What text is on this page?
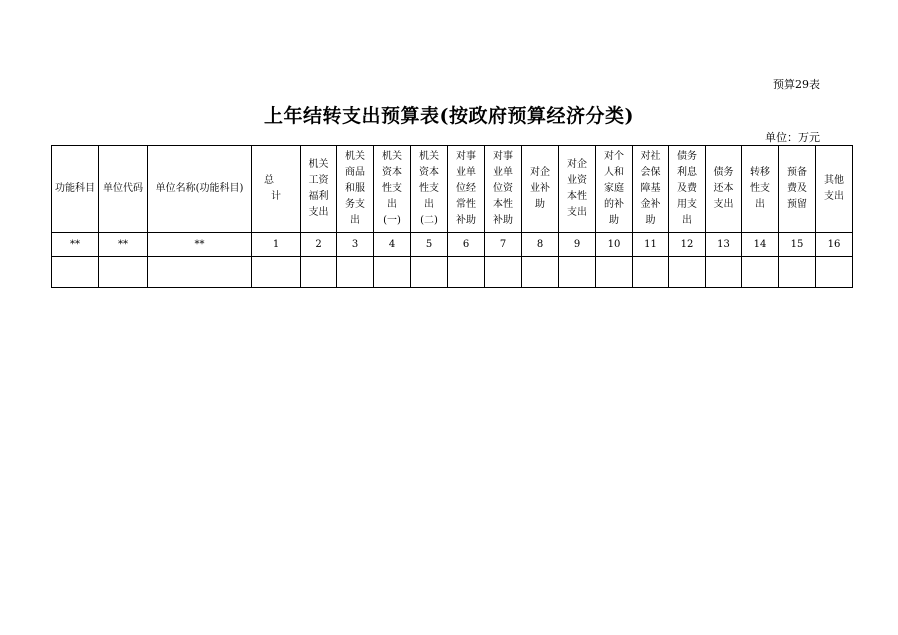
预算29表
上年结转支出预算表(按政府预算经济分类)
单位：万元
功能科目	单位代码	单位名称(功能科目)	总 计	机关工资福利支出	机关商品和服务支出	机关资本性支出(一)	机关资本性支出(二)	对事业单位经常性补助	对事业单位资本性补助	对企业补助	对企业资本性支出	对个人和家庭的补助	对社会保障基金补助	债务利息及费用支出	债务还本支出	转移性支出	预备费及预留	其他支出
**	**	**	1	2	3	4	5	6	7	8	9	10	11	12	13	14	15	16
